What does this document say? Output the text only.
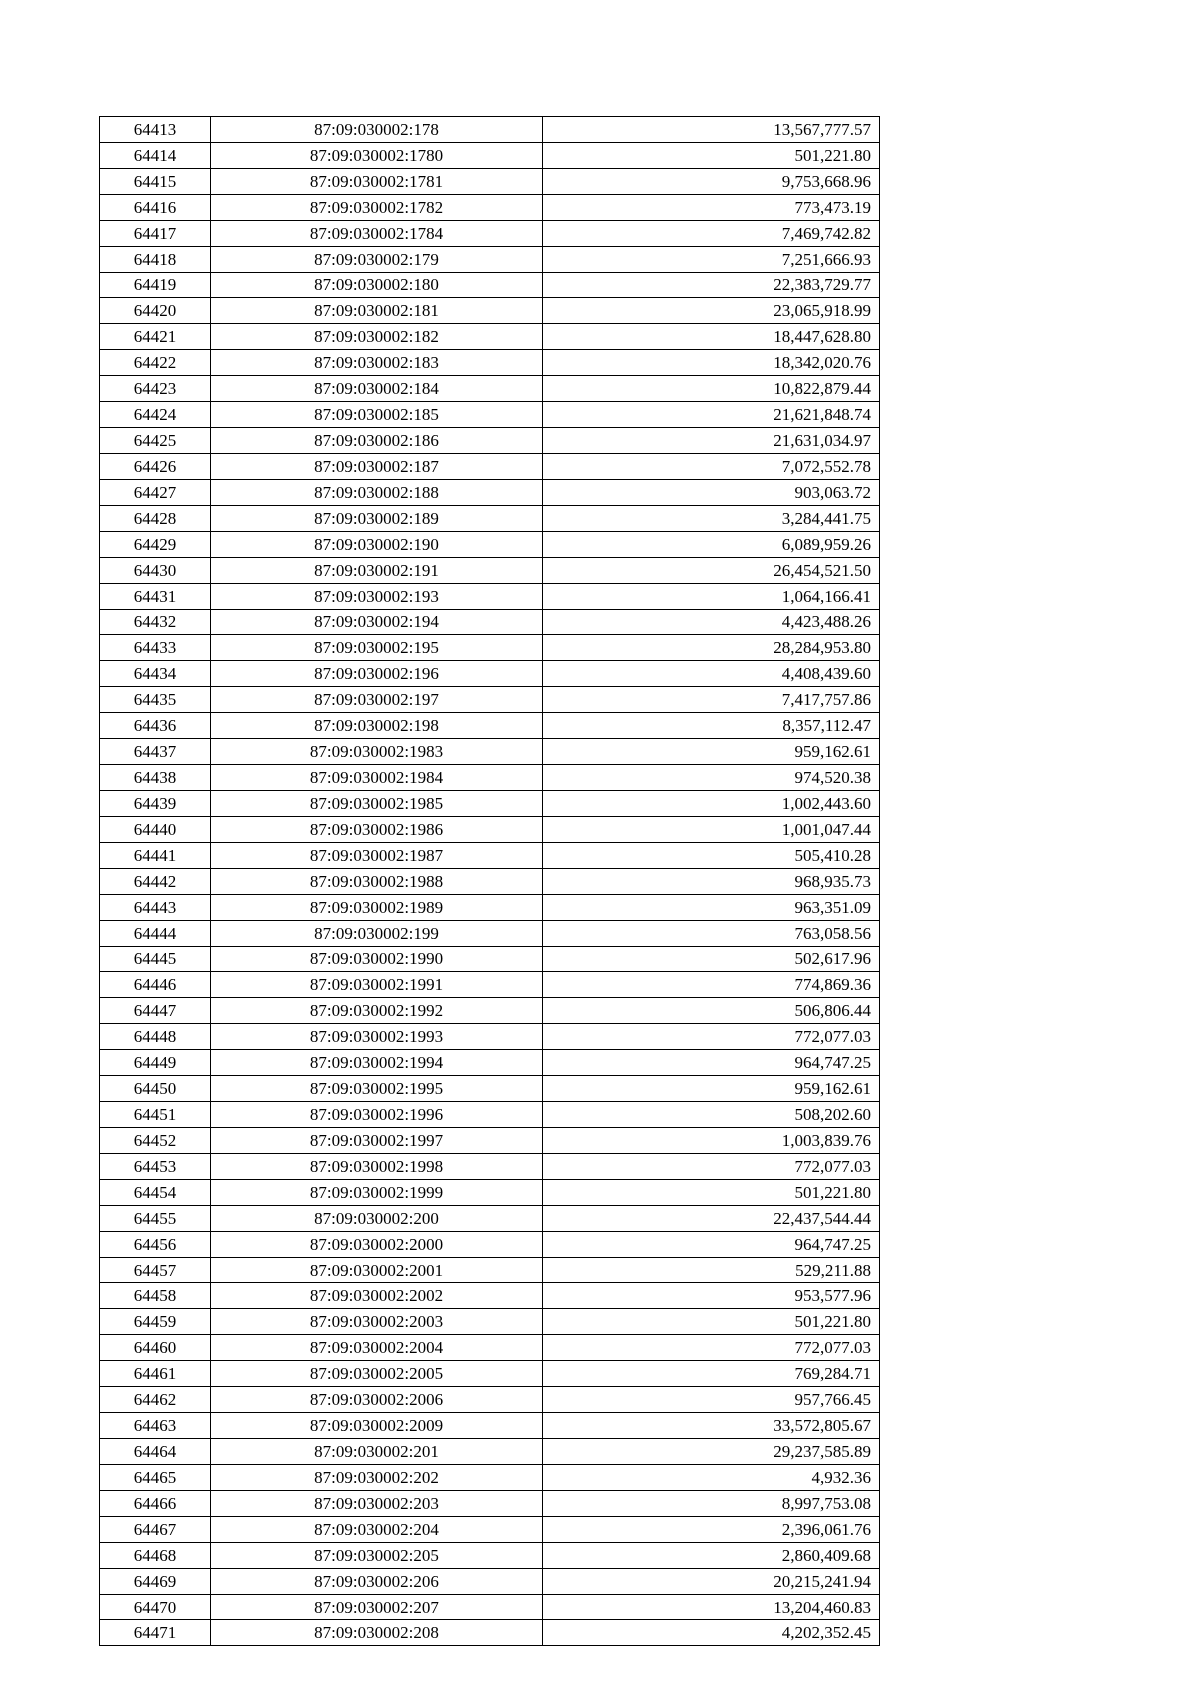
64413	87:09:030002:178	13,567,777.57
64414	87:09:030002:1780	501,221.80
64415	87:09:030002:1781	9,753,668.96
64416	87:09:030002:1782	773,473.19
64417	87:09:030002:1784	7,469,742.82
64418	87:09:030002:179	7,251,666.93
64419	87:09:030002:180	22,383,729.77
64420	87:09:030002:181	23,065,918.99
64421	87:09:030002:182	18,447,628.80
64422	87:09:030002:183	18,342,020.76
64423	87:09:030002:184	10,822,879.44
64424	87:09:030002:185	21,621,848.74
64425	87:09:030002:186	21,631,034.97
64426	87:09:030002:187	7,072,552.78
64427	87:09:030002:188	903,063.72
64428	87:09:030002:189	3,284,441.75
64429	87:09:030002:190	6,089,959.26
64430	87:09:030002:191	26,454,521.50
64431	87:09:030002:193	1,064,166.41
64432	87:09:030002:194	4,423,488.26
64433	87:09:030002:195	28,284,953.80
64434	87:09:030002:196	4,408,439.60
64435	87:09:030002:197	7,417,757.86
64436	87:09:030002:198	8,357,112.47
64437	87:09:030002:1983	959,162.61
64438	87:09:030002:1984	974,520.38
64439	87:09:030002:1985	1,002,443.60
64440	87:09:030002:1986	1,001,047.44
64441	87:09:030002:1987	505,410.28
64442	87:09:030002:1988	968,935.73
64443	87:09:030002:1989	963,351.09
64444	87:09:030002:199	763,058.56
64445	87:09:030002:1990	502,617.96
64446	87:09:030002:1991	774,869.36
64447	87:09:030002:1992	506,806.44
64448	87:09:030002:1993	772,077.03
64449	87:09:030002:1994	964,747.25
64450	87:09:030002:1995	959,162.61
64451	87:09:030002:1996	508,202.60
64452	87:09:030002:1997	1,003,839.76
64453	87:09:030002:1998	772,077.03
64454	87:09:030002:1999	501,221.80
64455	87:09:030002:200	22,437,544.44
64456	87:09:030002:2000	964,747.25
64457	87:09:030002:2001	529,211.88
64458	87:09:030002:2002	953,577.96
64459	87:09:030002:2003	501,221.80
64460	87:09:030002:2004	772,077.03
64461	87:09:030002:2005	769,284.71
64462	87:09:030002:2006	957,766.45
64463	87:09:030002:2009	33,572,805.67
64464	87:09:030002:201	29,237,585.89
64465	87:09:030002:202	4,932.36
64466	87:09:030002:203	8,997,753.08
64467	87:09:030002:204	2,396,061.76
64468	87:09:030002:205	2,860,409.68
64469	87:09:030002:206	20,215,241.94
64470	87:09:030002:207	13,204,460.83
64471	87:09:030002:208	4,202,352.45
